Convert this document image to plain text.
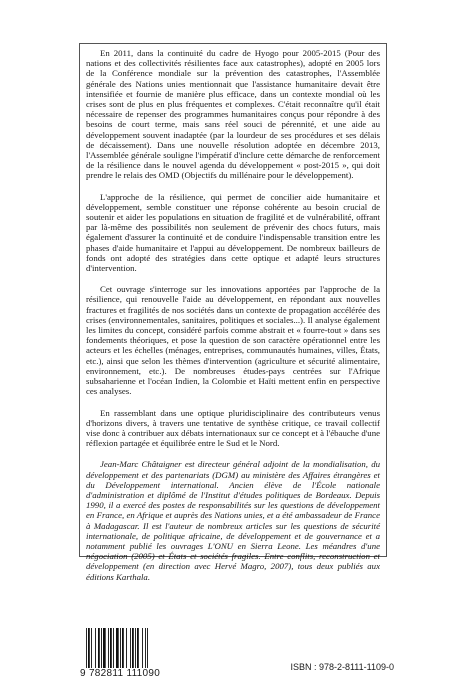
En 2011, dans la continuité du cadre de Hyogo pour 2005-2015 (Pour des nations et des collectivités résilientes face aux catastrophes), adopté en 2005 lors de la Conférence mondiale sur la prévention des catastrophes, l'Assemblée générale des Nations unies mentionnait que l'assistance humanitaire devait être intensifiée et fournie de manière plus efficace, dans un contexte mondial où les crises sont de plus en plus fréquentes et complexes. C'était reconnaître qu'il était nécessaire de repenser des programmes humanitaires conçus pour répondre à des besoins de court terme, mais sans réel souci de pérennité, et une aide au développement souvent inadaptée (par la lourdeur de ses procédures et ses délais de décaissement). Dans une nouvelle résolution adoptée en décembre 2013, l'Assemblée générale souligne l'impératif d'inclure cette démarche de renforcement de la résilience dans le nouvel agenda du développement « post-2015 », qui doit prendre le relais des OMD (Objectifs du millénaire pour le développement).

L'approche de la résilience, qui permet de concilier aide humanitaire et développement, semble constituer une réponse cohérente au besoin crucial de soutenir et aider les populations en situation de fragilité et de vulnérabilité, offrant par là-même des possibilités non seulement de prévenir des chocs futurs, mais également d'assurer la continuité et de conduire l'indispensable transition entre les phases d'aide humanitaire et l'appui au développement. De nombreux bailleurs de fonds ont adopté des stratégies dans cette optique et adapté leurs structures d'intervention.

Cet ouvrage s'interroge sur les innovations apportées par l'approche de la résilience, qui renouvelle l'aide au développement, en répondant aux nouvelles fractures et fragilités de nos sociétés dans un contexte de propagation accélérée des crises (environnementales, sanitaires, politiques et sociales...). Il analyse également les limites du concept, considéré parfois comme abstrait et « fourre-tout » dans ses fondements théoriques, et pose la question de son caractère opérationnel entre les acteurs et les échelles (ménages, entreprises, communautés humaines, villes, États, etc.), ainsi que selon les thèmes d'intervention (agriculture et sécurité alimentaire, environnement, etc.). De nombreuses études-pays centrées sur l'Afrique subsaharienne et l'océan Indien, la Colombie et Haïti mettent enfin en perspective ces analyses.

En rassemblant dans une optique pluridisciplinaire des contributeurs venus d'horizons divers, à travers une tentative de synthèse critique, ce travail collectif vise donc à contribuer aux débats internationaux sur ce concept et à l'ébauche d'une réflexion partagée et équilibrée entre le Sud et le Nord.

Jean-Marc Châtaigner est directeur général adjoint de la mondialisation, du développement et des partenariats (DGM) au ministère des Affaires étrangères et du Développement international. Ancien élève de l'École nationale d'administration et diplômé de l'Institut d'études politiques de Bordeaux. Depuis 1990, il a exercé des postes de responsabilités sur les questions de développement en France, en Afrique et auprès des Nations unies, et a été ambassadeur de France à Madagascar. Il est l'auteur de nombreux articles sur les questions de sécurité internationale, de politique africaine, de développement et de gouvernance et a notamment publié les ouvrages L'ONU en Sierra Leone. Les méandres d'une négociation (2005) et États et sociétés fragiles. Entre conflits, reconstruction et développement (en direction avec Hervé Magro, 2007), tous deux publiés aux éditions Karthala.

9 782811 111090
ISBN : 978-2-8111-1109-0
